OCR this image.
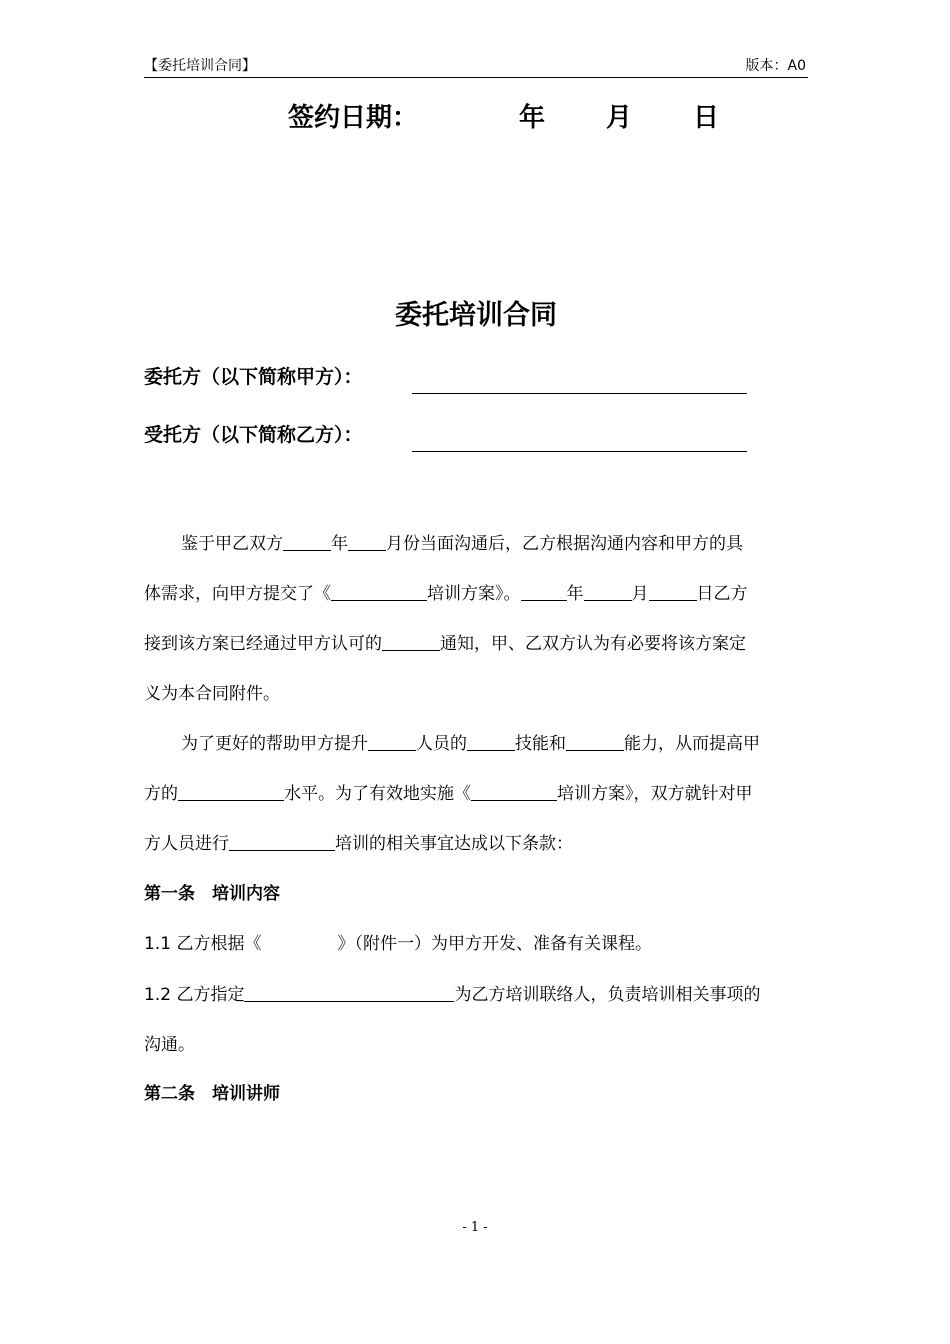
【委托培训合同】	版本：A0
签约日期：	年 月 日
委托培训合同
委托方（以下简称甲方）：
受托方（以下简称乙方）：
鉴于甲乙双方	年 月份当面沟通后，乙方根据沟通内容和甲方的具
体需求，向甲方提交了《	培训方案》。	年	月	日乙方
接到该方案已经通过甲方认可的	通知，甲、乙双方认为有必要将该方案定
义为本合同附件。
为了更好的帮助甲方提升	人员的	技能和	能力，从而提高甲
方的	水平。为了有效地实施《	培训方案》，双方就针对甲
方人员进行	培训的相关事宜达成以下条款：
第一条　培训内容
1.1 乙方根据《	》（附件一）为甲方开发、准备有关课程。
1.2 乙方指定	为乙方培训联络人，负责培训相关事项的
沟通。
第二条　培训讲师
- 1 -
